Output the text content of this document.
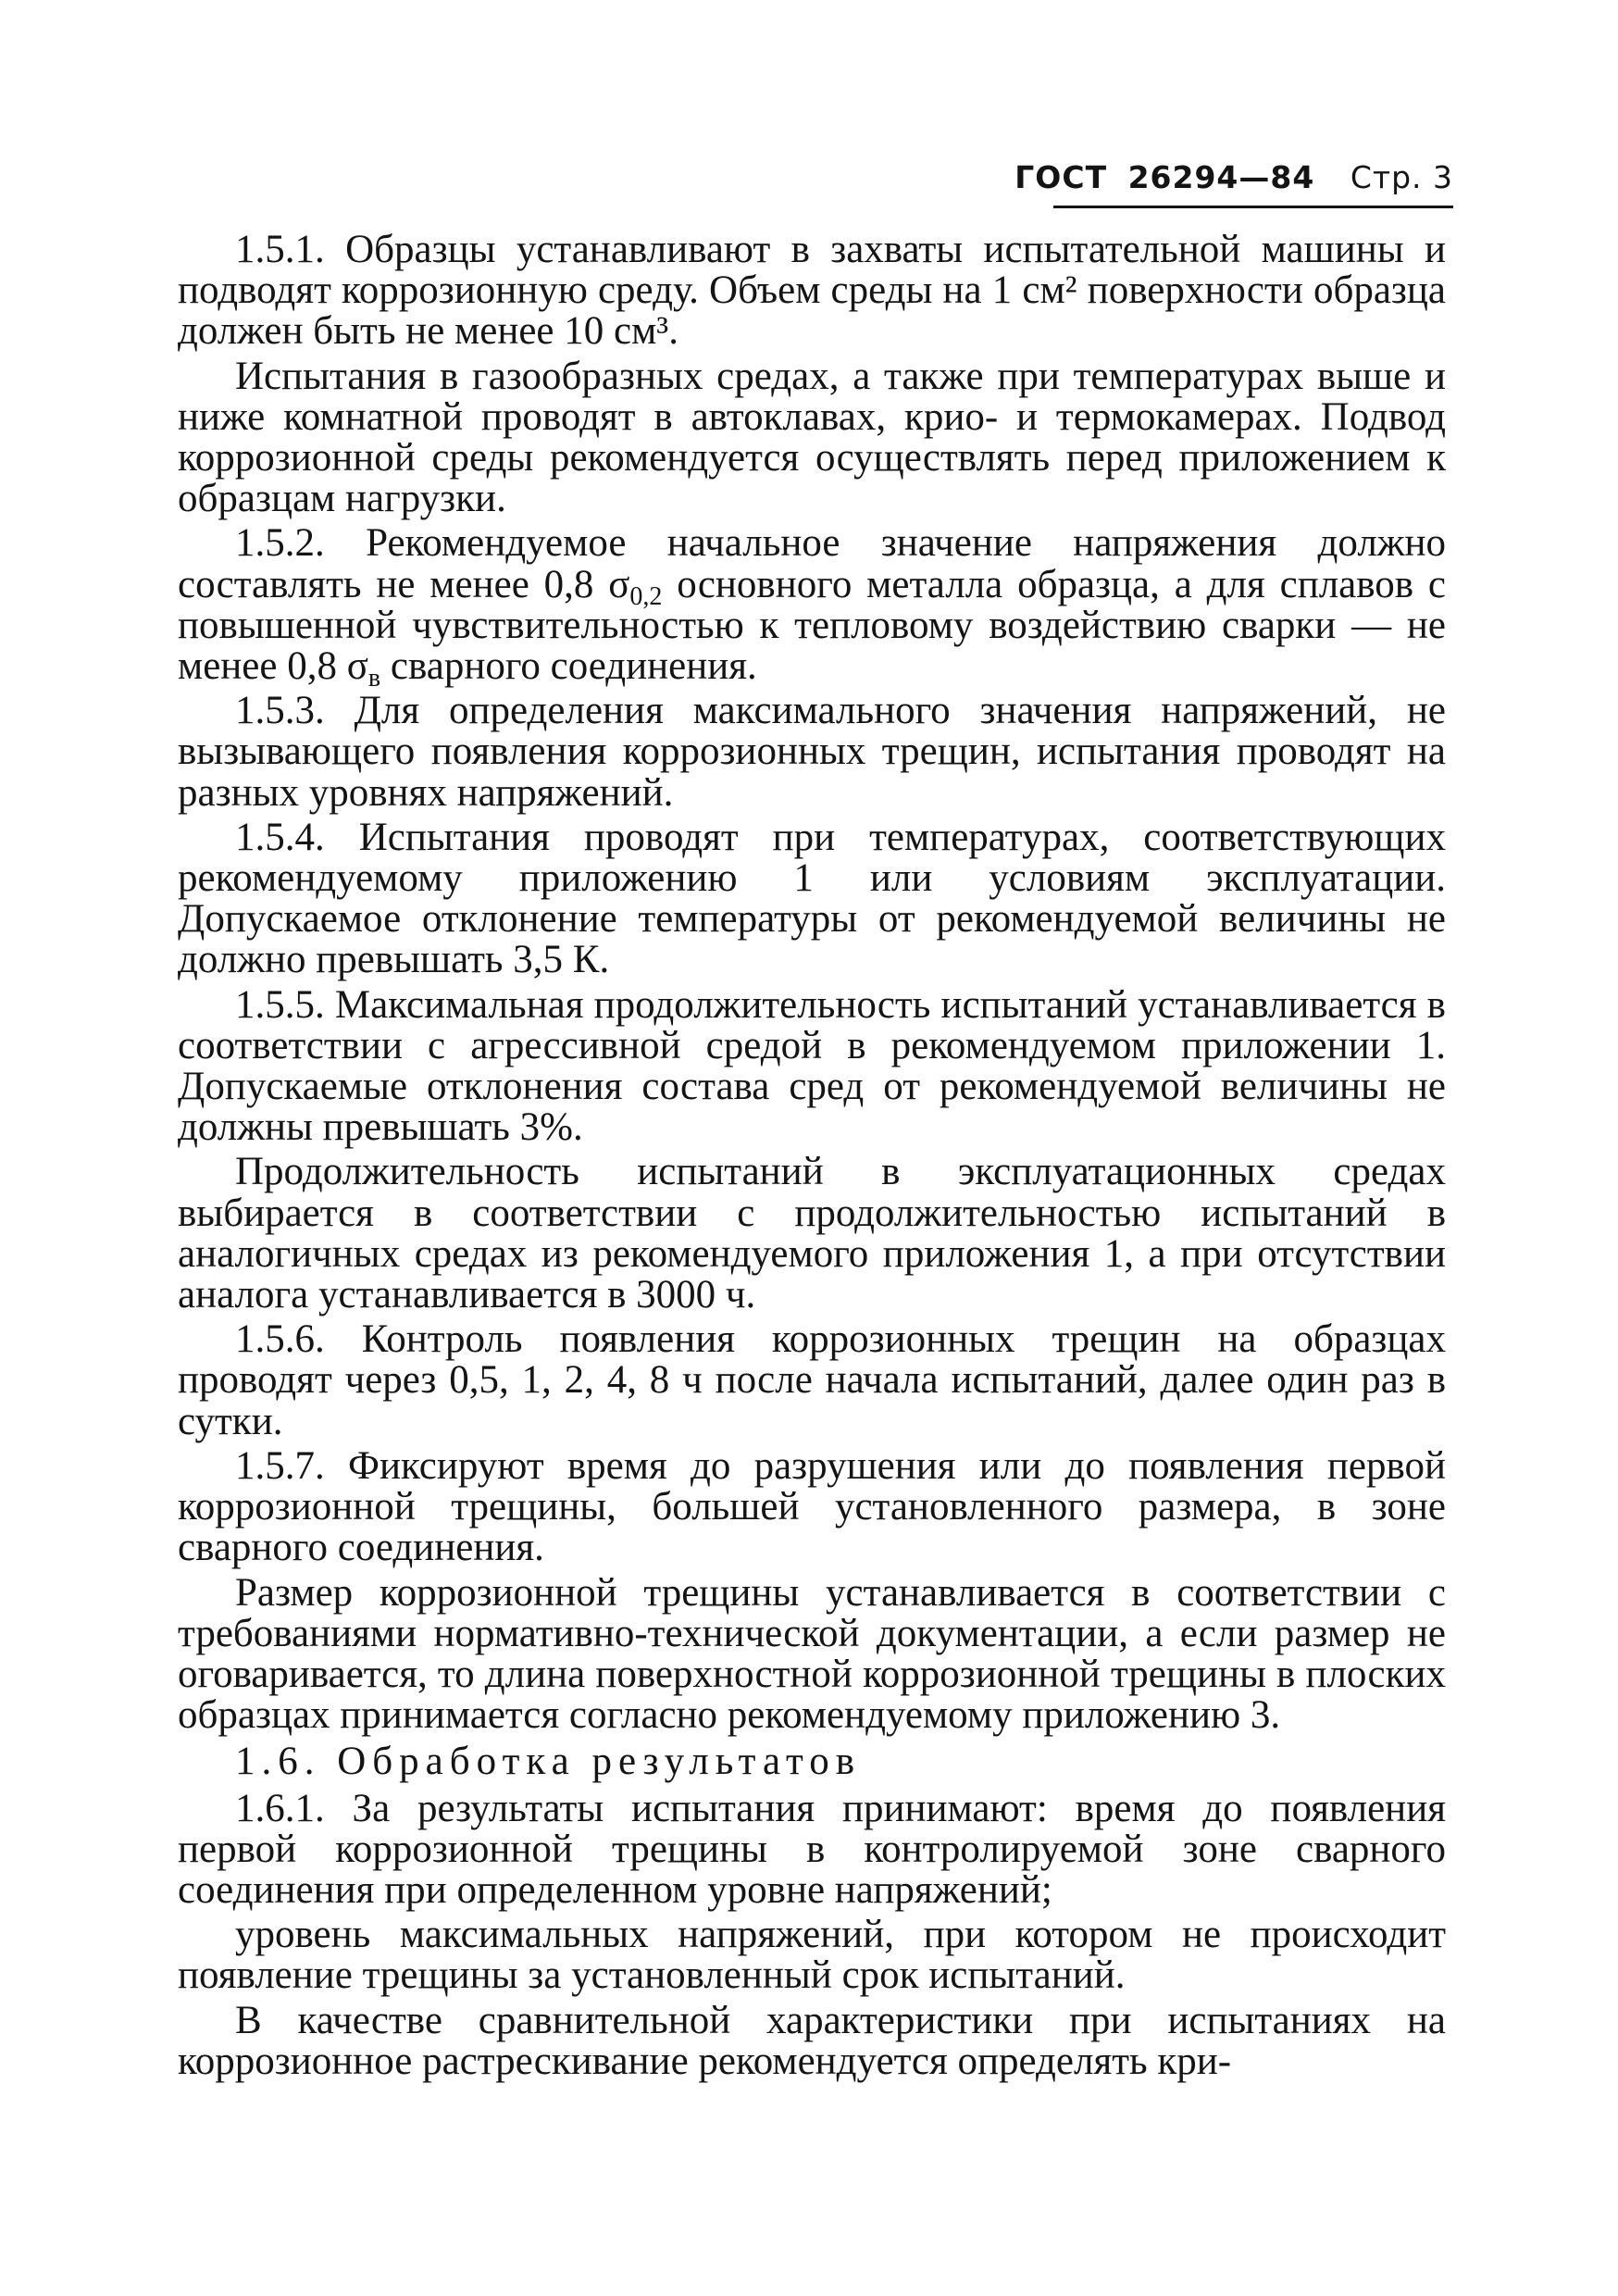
ГОСТ 26294—84 Стр. 3

1.5.1. Образцы устанавливают в захваты испытательной машины и подводят коррозионную среду. Объем среды на 1 см² поверхности образца должен быть не менее 10 см³.

Испытания в газообразных средах, а также при температурах выше и ниже комнатной проводят в автоклавах, крио- и термокамерах. Подвод коррозионной среды рекомендуется осуществлять перед приложением к образцам нагрузки.

1.5.2. Рекомендуемое начальное значение напряжения должно составлять не менее 0,8 $\sigma_{0,2}$ основного металла образца, а для сплавов с повышенной чувствительностью к тепловому воздействию сварки — не менее 0,8 $\sigma_в$ сварного соединения.

1.5.3. Для определения максимального значения напряжений, не вызывающего появления коррозионных трещин, испытания проводят на разных уровнях напряжений.

1.5.4. Испытания проводят при температурах, соответствующих рекомендуемому приложению 1 или условиям эксплуатации. Допускаемое отклонение температуры от рекомендуемой величины не должно превышать 3,5 К.

1.5.5. Максимальная продолжительность испытаний устанавливается в соответствии с агрессивной средой в рекомендуемом приложении 1. Допускаемые отклонения состава сред от рекомендуемой величины не должны превышать 3%.

Продолжительность испытаний в эксплуатационных средах выбирается в соответствии с продолжительностью испытаний в аналогичных средах из рекомендуемого приложения 1, а при отсутствии аналога устанавливается в 3000 ч.

1.5.6. Контроль появления коррозионных трещин на образцах проводят через 0,5, 1, 2, 4, 8 ч после начала испытаний, далее один раз в сутки.

1.5.7. Фиксируют время до разрушения или до появления первой коррозионной трещины, большей установленного размера, в зоне сварного соединения.

Размер коррозионной трещины устанавливается в соответствии с требованиями нормативно-технической документации, а если размер не оговаривается, то длина поверхностной коррозионной трещины в плоских образцах принимается согласно рекомендуемому приложению 3.

1.6. Обработка результатов

1.6.1. За результаты испытания принимают: время до появления первой коррозионной трещины в контролируемой зоне сварного соединения при определенном уровне напряжений;

уровень максимальных напряжений, при котором не происходит появление трещины за установленный срок испытаний.

В качестве сравнительной характеристики при испытаниях на коррозионное растрескивание рекомендуется определять кри-
